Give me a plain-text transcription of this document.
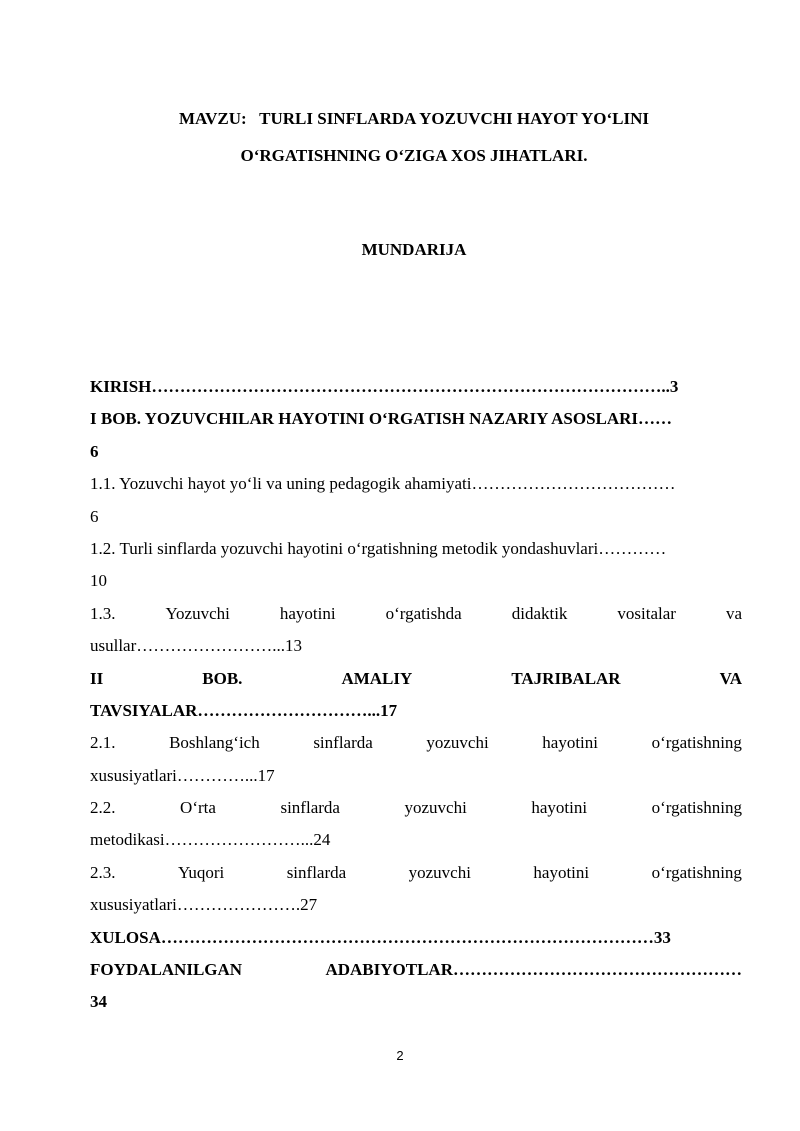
MAVZU:   TURLI SINFLARDA YOZUVCHI HAYOT YO‘LINI
O‘RGATISHNING O‘ZIGA XOS JIHATLARI.
MUNDARIJA
KIRISH………………………………………………………………………………..3
I BOB. YOZUVCHILAR HAYOTINI O‘RGATISH NAZARIY ASOSLARI……
6
1.1. Yozuvchi hayot yo‘li va uning pedagogik ahamiyati………………………………
6
1.2. Turli sinflarda yozuvchi hayotini o‘rgatishning metodik yondashuvlari…………
10
1.3.	Yozuvchi	hayotini	o‘rgatishda	didaktik	vositalar	va
usullar……………………...13
II	BOB.	AMALIY	TAJRIBALAR	VA
TAVSIYALAR…………………………...17
2.1.	Boshlang‘ich	sinflarda	yozuvchi	hayotini	o‘rgatishning
xususiyatlari…………...17
2.2.	O‘rta	sinflarda	yozuvchi	hayotini	o‘rgatishning
metodikasi……………………...24
2.3.	Yuqori	sinflarda	yozuvchi	hayotini	o‘rgatishning
xususiyatlari………………….27
XULOSA……………………………………………………………………………33
FOYDALANILGAN	ADABIYOTLAR……………………………………………
34
2
